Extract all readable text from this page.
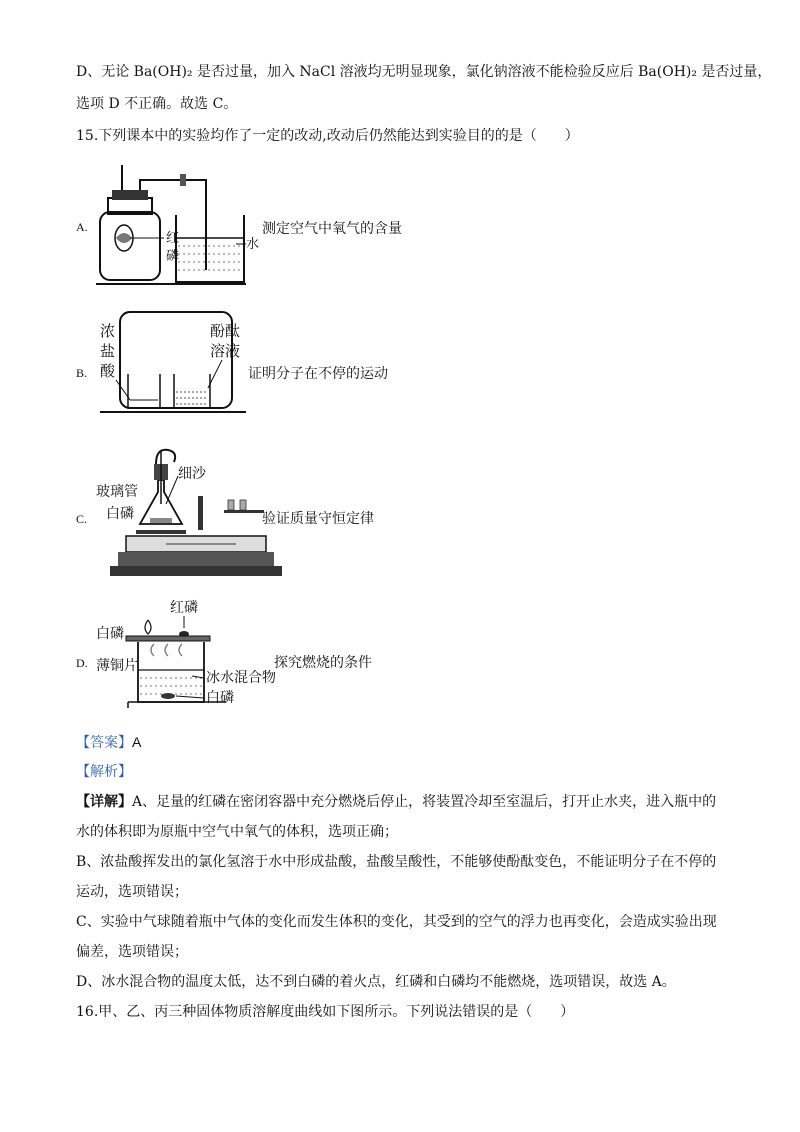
D、无论 Ba(OH)₂ 是否过量，加入 NaCl 溶液均无明显现象，氯化钠溶液不能检验反应后 Ba(OH)₂ 是否过量，
选项 D 不正确。故选 C。
15.下列课本中的实验均作了一定的改动,改动后仍然能达到实验目的的是（　　）
A.
红
磷
水
测定空气中氧气的含量
B.
浓
盐
酸
酚酞
溶液
证明分子在不停的运动
C.
玻璃管
白磷
细沙
验证质量守恒定律
D.
红磷
白磷
薄铜片
冰水混合物
白磷
探究燃烧的条件
【答案】A
【解析】
【详解】A、足量的红磷在密闭容器中充分燃烧后停止，将装置冷却至室温后，打开止水夹，进入瓶中的
水的体积即为原瓶中空气中氧气的体积，选项正确；
B、浓盐酸挥发出的氯化氢溶于水中形成盐酸，盐酸呈酸性，不能够使酚酞变色，不能证明分子在不停的
运动，选项错误；
C、实验中气球随着瓶中气体的变化而发生体积的变化，其受到的空气的浮力也再变化，会造成实验出现
偏差，选项错误；
D、冰水混合物的温度太低，达不到白磷的着火点，红磷和白磷均不能燃烧，选项错误，故选 A。
16.甲、乙、丙三种固体物质溶解度曲线如下图所示。下列说法错误的是（　　）
